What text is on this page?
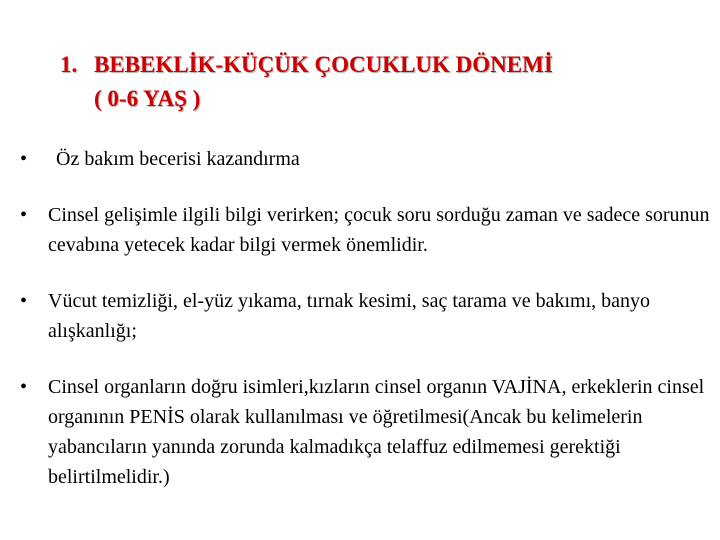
1. BEBEKLİK-KÜÇÜK ÇOCUKLUK DÖNEMİ
( 0-6 YAŞ )
• Öz bakım becerisi kazandırma
• Cinsel gelişimle ilgili bilgi verirken; çocuk soru sorduğu zaman ve sadece sorunun cevabına yetecek kadar bilgi vermek önemlidir.
• Vücut temizliği, el-yüz yıkama, tırnak kesimi, saç tarama ve bakımı, banyo alışkanlığı;
• Cinsel organların doğru isimleri,kızların cinsel organın VAJİNA, erkeklerin cinsel organının PENİS olarak kullanılması ve öğretilmesi(Ancak bu kelimelerin yabancıların yanında zorunda kalmadıkça telaffuz edilmemesi gerektiği belirtilmelidir.)
